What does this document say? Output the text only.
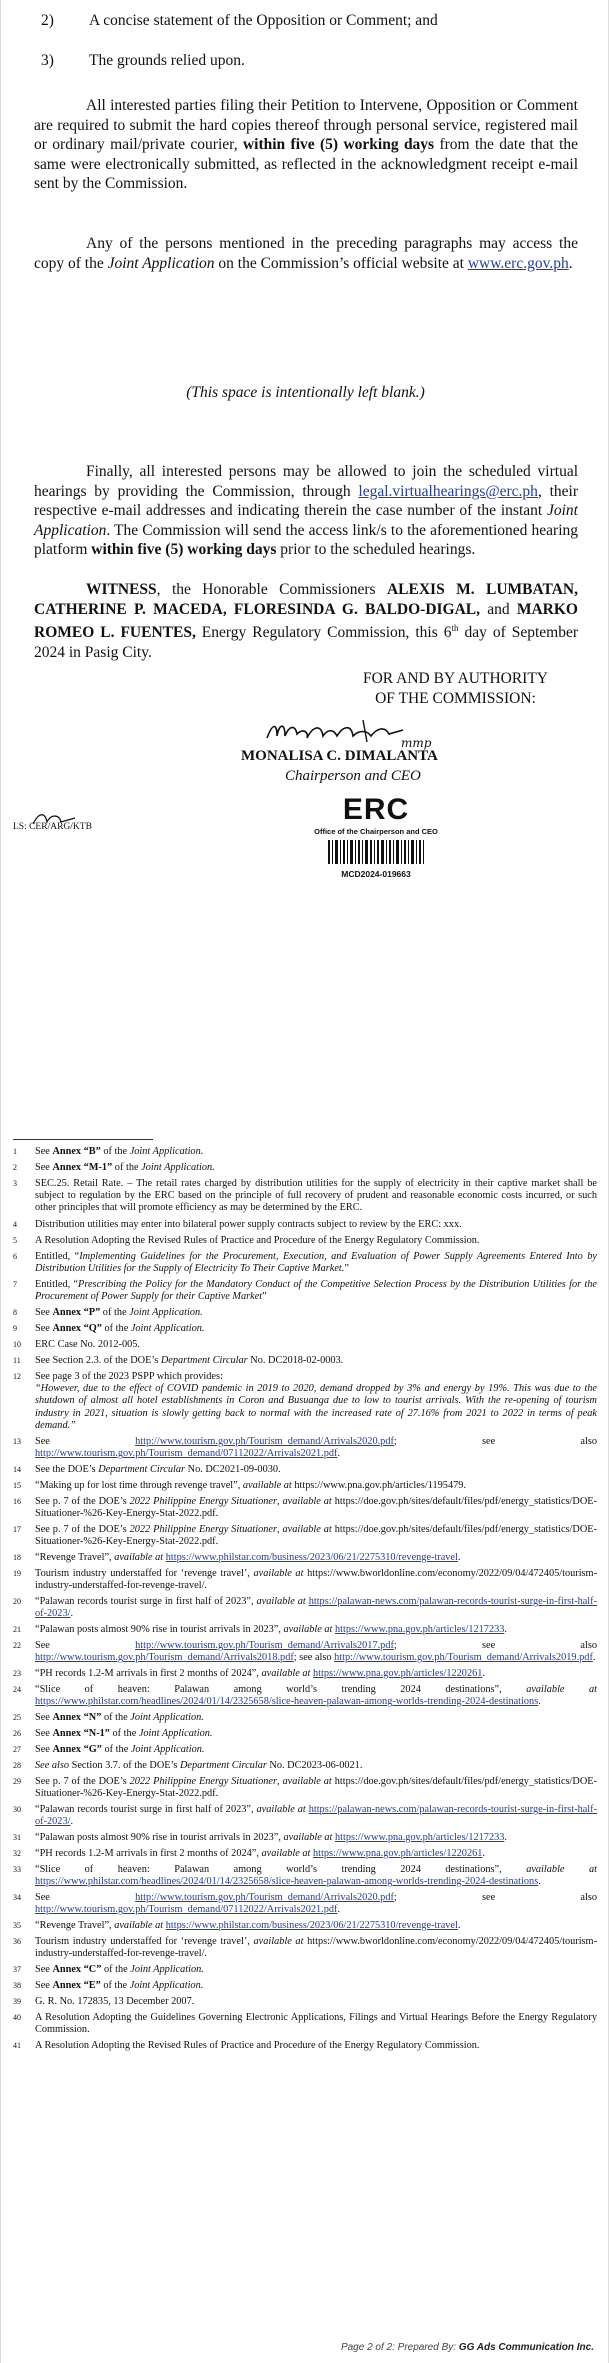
2) A concise statement of the Opposition or Comment; and
3) The grounds relied upon.
All interested parties filing their Petition to Intervene, Opposition or Comment are required to submit the hard copies thereof through personal service, registered mail or ordinary mail/private courier, within five (5) working days from the date that the same were electronically submitted, as reflected in the acknowledgment receipt e-mail sent by the Commission.
Any of the persons mentioned in the preceding paragraphs may access the copy of the Joint Application on the Commission’s official website at www.erc.gov.ph.
(This space is intentionally left blank.)
Finally, all interested persons may be allowed to join the scheduled virtual hearings by providing the Commission, through legal.virtualhearings@erc.ph, their respective e-mail addresses and indicating therein the case number of the instant Joint Application. The Commission will send the access link/s to the aforementioned hearing platform within five (5) working days prior to the scheduled hearings.
WITNESS, the Honorable Commissioners ALEXIS M. LUMBATAN, CATHERINE P. MACEDA, FLORESINDA G. BALDO-DIGAL, and MARKO ROMEO L. FUENTES, Energy Regulatory Commission, this 6th day of September 2024 in Pasig City.
FOR AND BY AUTHORITY
OF THE COMMISSION:
mmp
MONALISA C. DIMALANTA
Chairperson and CEO
LS: CER/ARG/KTB
ERC
Office of the Chairperson and CEO
MCD2024-019663
1 See Annex “B” of the Joint Application.
2 See Annex “M-1” of the Joint Application.
3 SEC.25. Retail Rate. – The retail rates charged by distribution utilities for the supply of electricity in their captive market shall be subject to regulation by the ERC based on the principle of full recovery of prudent and reasonable economic costs incurred, or such other principles that will promote efficiency as may be determined by the ERC.
4 Distribution utilities may enter into bilateral power supply contracts subject to review by the ERC: xxx.
5 A Resolution Adopting the Revised Rules of Practice and Procedure of the Energy Regulatory Commission.
6 Entitled, “Implementing Guidelines for the Procurement, Execution, and Evaluation of Power Supply Agreements Entered Into by Distribution Utilities for the Supply of Electricity To Their Captive Market.”
7 Entitled, “Prescribing the Policy for the Mandatory Conduct of the Competitive Selection Process by the Distribution Utilities for the Procurement of Power Supply for their Captive Market”
8 See Annex “P” of the Joint Application.
9 See Annex “Q” of the Joint Application.
10 ERC Case No. 2012-005.
11 See Section 2.3. of the DOE’s Department Circular No. DC2018-02-0003.
12 See page 3 of the 2023 PSPP which provides:
“However, due to the effect of COVID pandemic in 2019 to 2020, demand dropped by 3% and energy by 19%. This was due to the shutdown of almost all hotel establishments in Coron and Busuanga due to low to tourist arrivals. With the re-opening of tourism industry in 2021, situation is slowly getting back to normal with the increased rate of 27.16% from 2021 to 2022 in terms of peak demand.”
13 See http://www.tourism.gov.ph/Tourism_demand/Arrivals2020.pdf; see also http://www.tourism.gov.ph/Tourism_demand/07112022/Arrivals2021.pdf.
14 See the DOE’s Department Circular No. DC2021-09-0030.
15 “Making up for lost time through revenge travel”, available at https://www.pna.gov.ph/articles/1195479.
16 See p. 7 of the DOE’s 2022 Philippine Energy Situationer, available at https://doe.gov.ph/sites/default/files/pdf/energy_statistics/DOE-Situationer-%26-Key-Energy-Stat-2022.pdf.
17 See p. 7 of the DOE’s 2022 Philippine Energy Situationer, available at https://doe.gov.ph/sites/default/files/pdf/energy_statistics/DOE-Situationer-%26-Key-Energy-Stat-2022.pdf.
18 “Revenge Travel”, available at https://www.philstar.com/business/2023/06/21/2275310/revenge-travel.
19 Tourism industry understaffed for ‘revenge travel’, available at https://www.bworldonline.com/economy/2022/09/04/472405/tourism-industry-understaffed-for-revenge-travel/.
20 “Palawan records tourist surge in first half of 2023”, available at https://palawan-news.com/palawan-records-tourist-surge-in-first-half-of-2023/.
21 “Palawan posts almost 90% rise in tourist arrivals in 2023”, available at https://www.pna.gov.ph/articles/1217233.
22 See http://www.tourism.gov.ph/Tourism_demand/Arrivals2017.pdf; see also http://www.tourism.gov.ph/Tourism_demand/Arrivals2018.pdf; see also http://www.tourism.gov.ph/Tourism_demand/Arrivals2019.pdf.
23 “PH records 1.2-M arrivals in first 2 months of 2024”, available at https://www.pna.gov.ph/articles/1220261.
24 “Slice of heaven: Palawan among world’s trending 2024 destinations”, available at https://www.philstar.com/headlines/2024/01/14/2325658/slice-heaven-palawan-among-worlds-trending-2024-destinations.
25 See Annex “N” of the Joint Application.
26 See Annex “N-1” of the Joint Application.
27 See Annex “G” of the Joint Application.
28 See also Section 3.7. of the DOE’s Department Circular No. DC2023-06-0021.
29 See p. 7 of the DOE’s 2022 Philippine Energy Situationer, available at https://doe.gov.ph/sites/default/files/pdf/energy_statistics/DOE-Situationer-%26-Key-Energy-Stat-2022.pdf.
30 “Palawan records tourist surge in first half of 2023”, available at https://palawan-news.com/palawan-records-tourist-surge-in-first-half-of-2023/.
31 “Palawan posts almost 90% rise in tourist arrivals in 2023”, available at https://www.pna.gov.ph/articles/1217233.
32 “PH records 1.2-M arrivals in first 2 months of 2024”, available at https://www.pna.gov.ph/articles/1220261.
33 “Slice of heaven: Palawan among world’s trending 2024 destinations”, available at https://www.philstar.com/headlines/2024/01/14/2325658/slice-heaven-palawan-among-worlds-trending-2024-destinations.
34 See http://www.tourism.gov.ph/Tourism_demand/Arrivals2020.pdf; see also http://www.tourism.gov.ph/Tourism_demand/07112022/Arrivals2021.pdf.
35 “Revenge Travel”, available at https://www.philstar.com/business/2023/06/21/2275310/revenge-travel.
36 Tourism industry understaffed for ‘revenge travel’, available at https://www.bworldonline.com/economy/2022/09/04/472405/tourism-industry-understaffed-for-revenge-travel/.
37 See Annex “C” of the Joint Application.
38 See Annex “E” of the Joint Application.
39 G. R. No. 172835, 13 December 2007.
40 A Resolution Adopting the Guidelines Governing Electronic Applications, Filings and Virtual Hearings Before the Energy Regulatory Commission.
41 A Resolution Adopting the Revised Rules of Practice and Procedure of the Energy Regulatory Commission.
Page 2 of 2: Prepared By: GG Ads Communication Inc.
